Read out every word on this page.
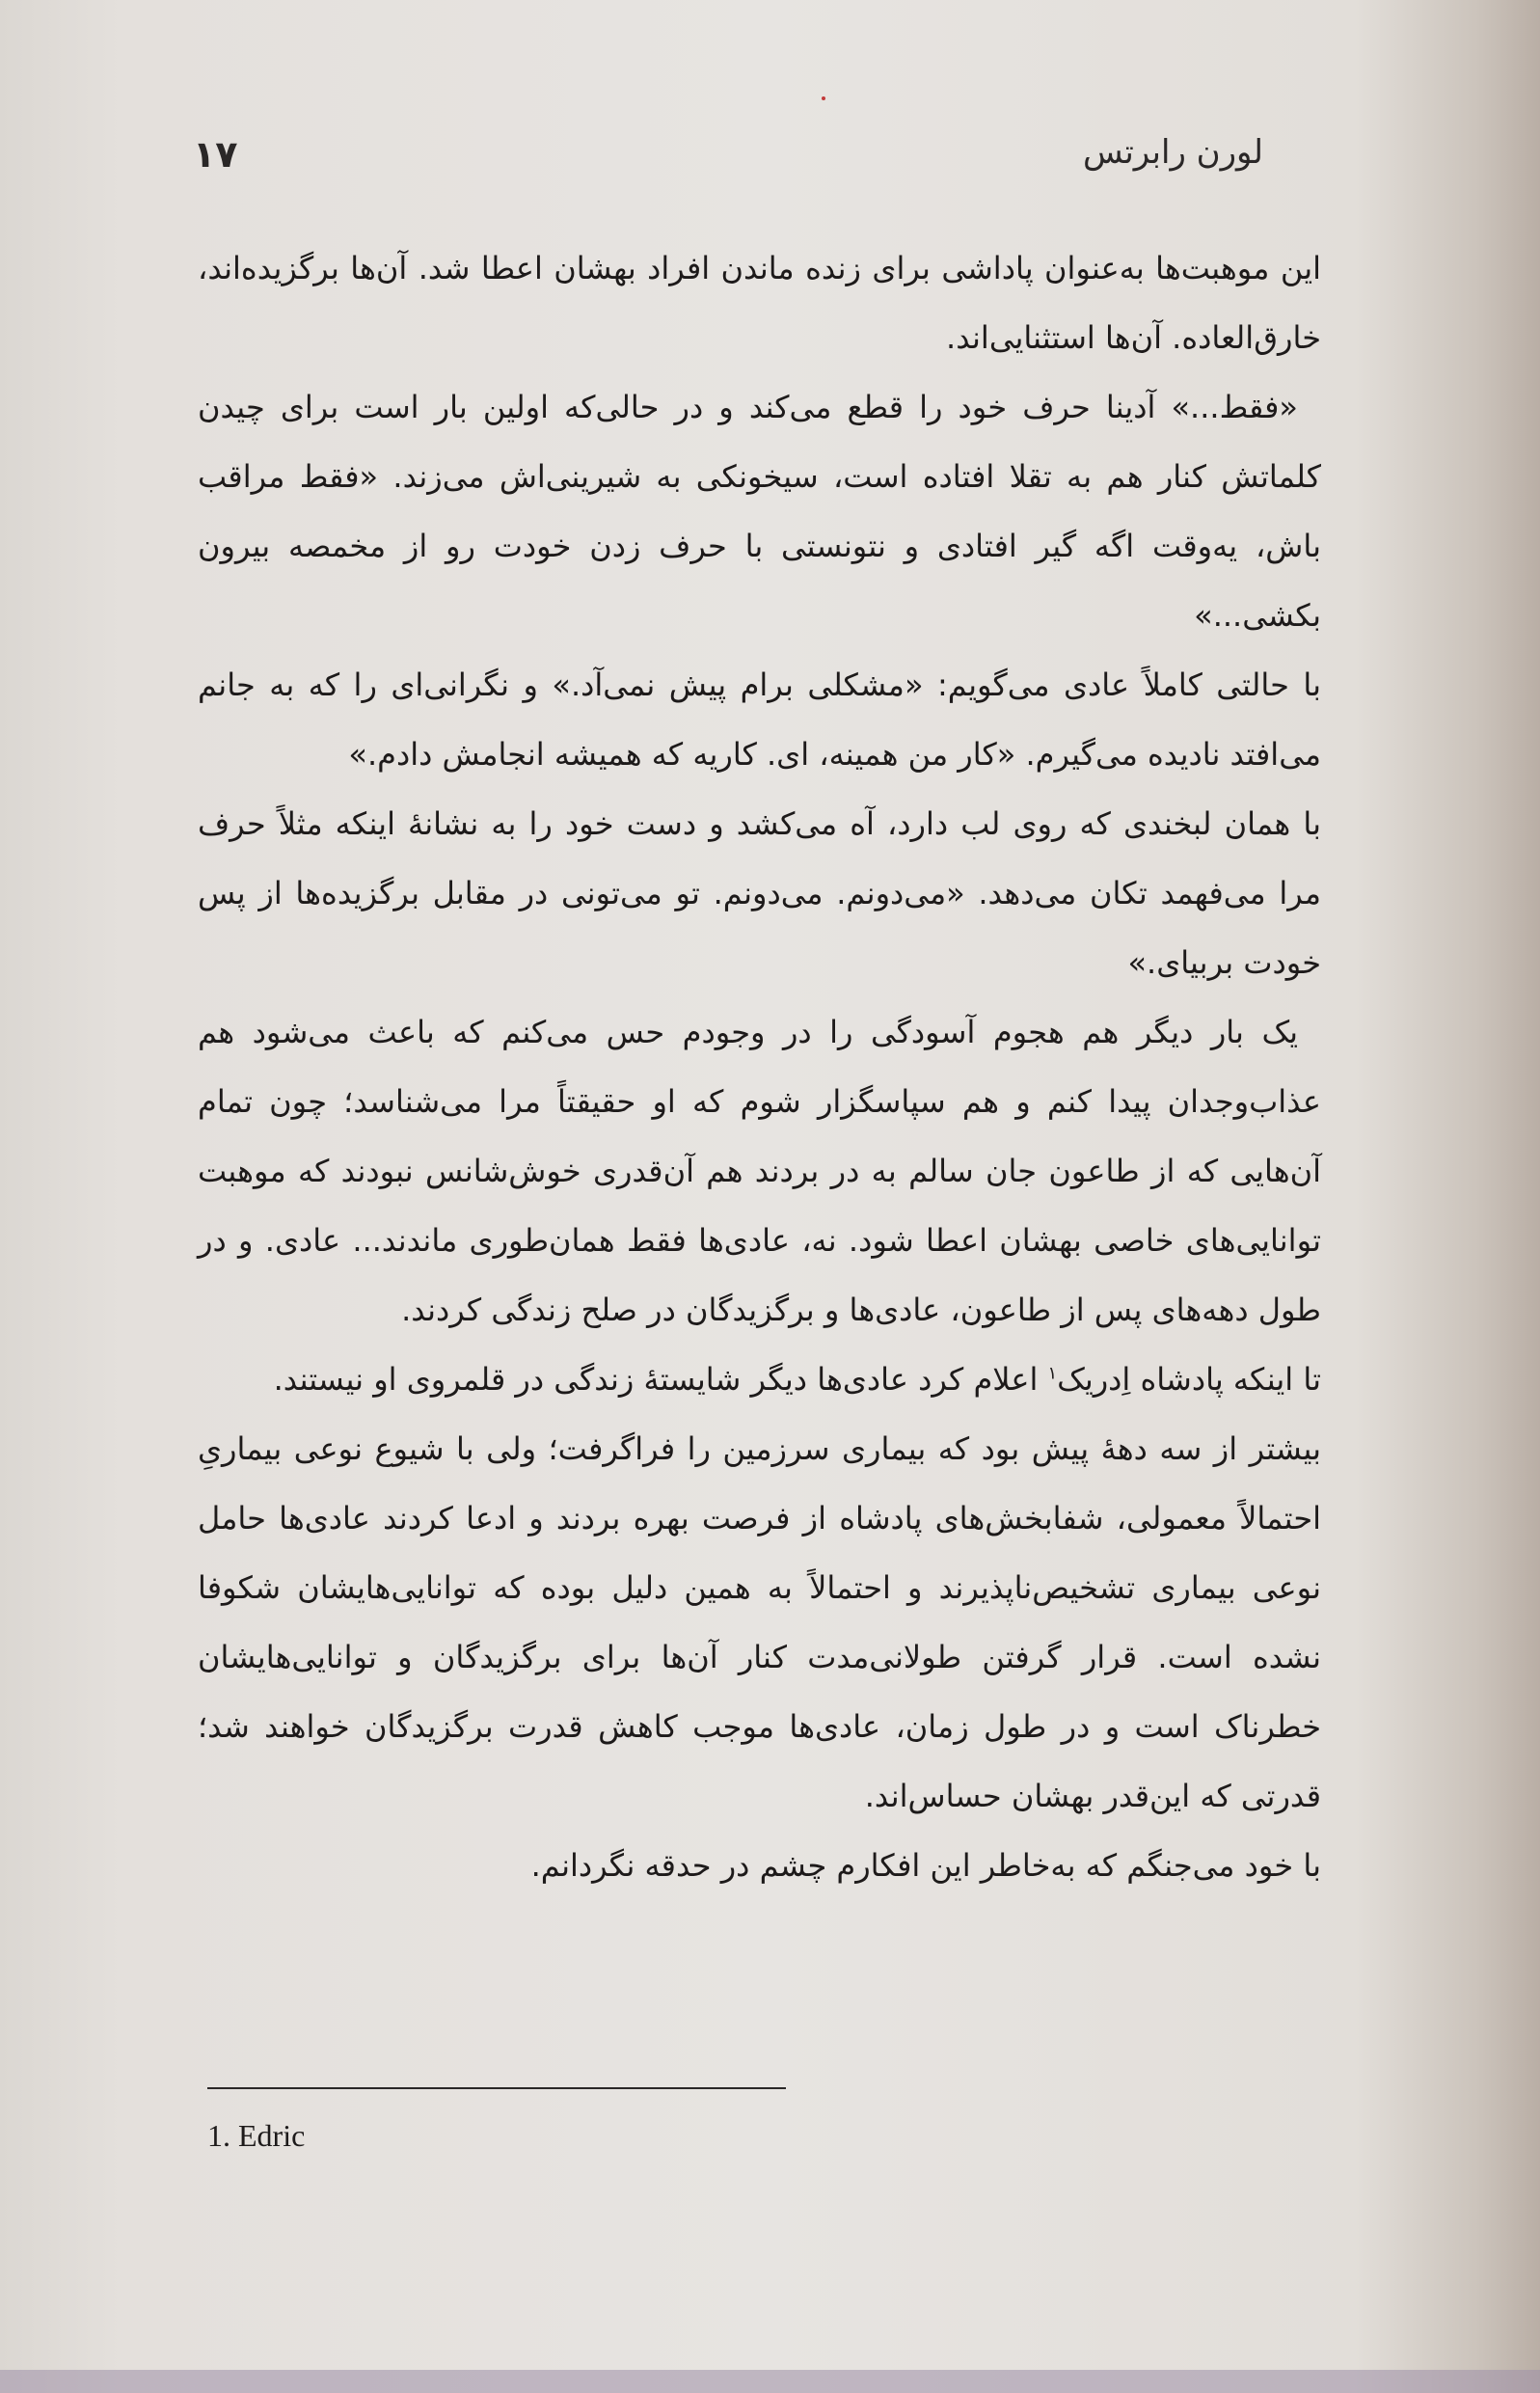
لورن رابرتس
۱۷

این موهبت‌ها به‌عنوان پاداشی برای زنده ماندن افراد بهشان اعطا شد. آن‌ها برگزیده‌اند، خارق‌العاده. آن‌ها استثنایی‌اند.

«فقط...» آدینا حرف خود را قطع می‌کند و در حالی‌که اولین بار است برای چیدن کلماتش کنار هم به تقلا افتاده است، سیخونکی به شیرینی‌اش می‌زند. «فقط مراقب باش، یه‌وقت اگه گیر افتادی و نتونستی با حرف زدن خودت رو از مخمصه بیرون بکشی...»

با حالتی کاملاً عادی می‌گویم: «مشکلی برام پیش نمی‌آد.» و نگرانی‌ای را که به جانم می‌افتد نادیده می‌گیرم. «کار من همینه، ای. کاریه که همیشه انجامش دادم.»

با همان لبخندی که روی لب دارد، آه می‌کشد و دست خود را به نشانهٔ اینکه مثلاً حرف مرا می‌فهمد تکان می‌دهد. «می‌دونم. می‌دونم. تو می‌تونی در مقابل برگزیده‌ها از پس خودت بربیای.»

یک بار دیگر هم هجوم آسودگی را در وجودم حس می‌کنم که باعث می‌شود هم عذاب‌وجدان پیدا کنم و هم سپاسگزار شوم که او حقیقتاً مرا می‌شناسد؛ چون تمام آن‌هایی که از طاعون جان سالم به در بردند هم آن‌قدری خوش‌شانس نبودند که موهبت توانایی‌های خاصی بهشان اعطا شود. نه، عادی‌ها فقط همان‌طوری ماندند... عادی. و در طول دهه‌های پس از طاعون، عادی‌ها و برگزیدگان در صلح زندگی کردند.

تا اینکه پادشاه اِدریک$^۱$ اعلام کرد عادی‌ها دیگر شایستهٔ زندگی در قلمروی او نیستند.

بیشتر از سه دههٔ پیش بود که بیماری سرزمین را فراگرفت؛ ولی با شیوع نوعی بیماریِ احتمالاً معمولی، شفابخش‌های پادشاه از فرصت بهره بردند و ادعا کردند عادی‌ها حامل نوعی بیماری تشخیص‌ناپذیرند و احتمالاً به همین دلیل بوده که توانایی‌هایشان شکوفا نشده است. قرار گرفتن طولانی‌مدت کنار آن‌ها برای برگزیدگان و توانایی‌هایشان خطرناک است و در طول زمان، عادی‌ها موجب کاهش قدرت برگزیدگان خواهند شد؛ قدرتی که این‌قدر بهشان حساس‌اند.

با خود می‌جنگم که به‌خاطر این افکارم چشم در حدقه نگردانم.

1. Edric
